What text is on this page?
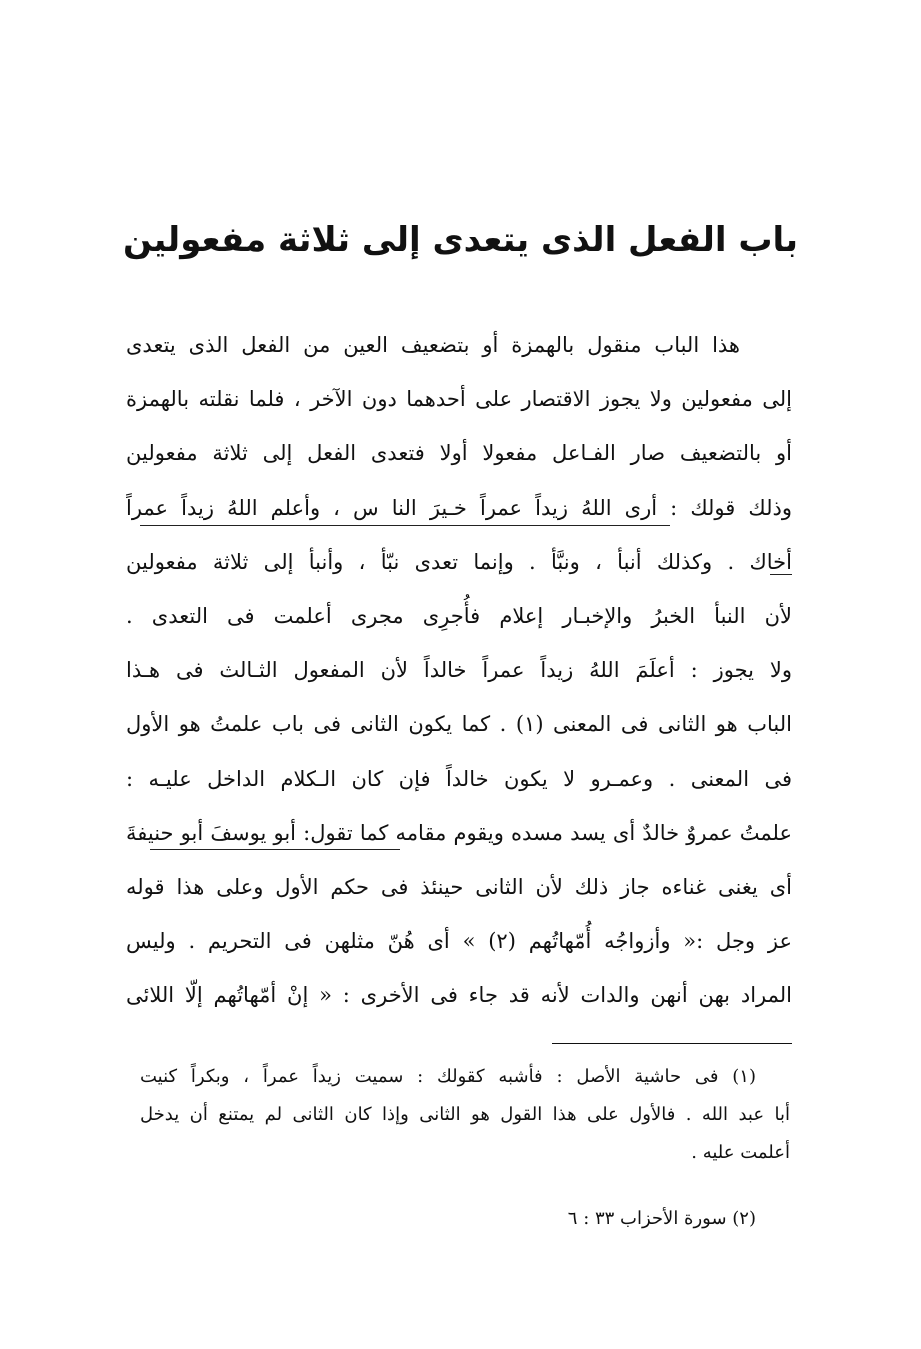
باب الفعل الذى يتعدى إلى ثلاثة مفعولين
هذا الباب منقول بالهمزة أو بتضعيف العين من الفعل الذى يتعدى
إلى مفعولين ولا يجوز الاقتصار على أحدهما دون الآخر ، فلما نقلته بالهمزة
أو بالتضعيف صار الفـاعل مفعولا أولا فتعدى الفعل إلى ثلاثة مفعولين
وذلك قولك : أرى اللهُ زيداً عمراً خـيرَ النا س ، وأعلم اللهُ زيداً عمراً
أخاك . وكذلك أنبأ ، ونبَّأ . وإنما تعدى نبّأ ، وأنبأ إلى ثلاثة مفعولين
لأن النبأ الخبرُ والإخبـار إعلام فأُجرِى مجرى أعلمت فى التعدى .
ولا يجوز : أعلَمَ اللهُ زيداً عمراً خالداً لأن المفعول الثـالث فى هـذا
الباب هو الثانى فى المعنى (١) . كما يكون الثانى فى باب علمتُ هو الأول
فى المعنى . وعمـرو لا يكون خالداً فإن كان الـكلام الداخل عليـه :
علمتُ عمروٌ خالدٌ أى يسد مسده ويقوم مقامه كما تقول: أبو يوسفَ أبو حنيفةَ
أى يغنى غناءه جاز ذلك لأن الثانى حينئذ فى حكم الأول وعلى هذا قوله
عز وجل :« وأزواجُه أُمّهاتُهم (٢) » أى هُنّ مثلهن فى التحريم . وليس
المراد بهن أنهن والدات لأنه قد جاء فى الأخرى : « إنْ أمّهاتُهم إلّا اللائى
(١) فى حاشية الأصل : فأشبه كقولك : سميت زيداً عمراً ، وبكراً كنيت
أبا عبد الله . فالأول على هذا القول هو الثانى وإذا كان الثانى لم يمتنع أن يدخل
أعلمت عليه .
(٢) سورة الأحزاب ٣٣ : ٦
